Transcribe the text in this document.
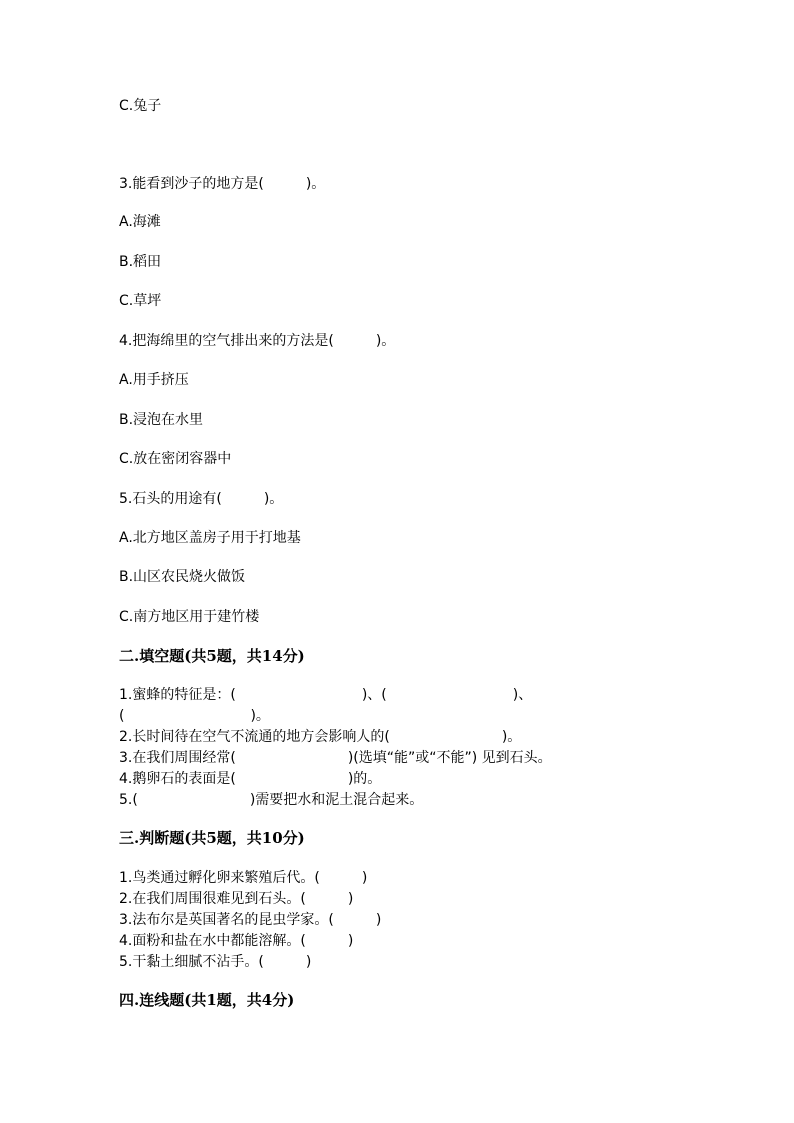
C.兔子
3.能看到沙子的地方是(　　　)。
A.海滩
B.稻田
C.草坪
4.把海绵里的空气排出来的方法是(　　　)。
A.用手挤压
B.浸泡在水里
C.放在密闭容器中
5.石头的用途有(　　　)。
A.北方地区盖房子用于打地基
B.山区农民烧火做饭
C.南方地区用于建竹楼
二.填空题(共5题，共14分)
1.蜜蜂的特征是：(　　　　　　　　　)、(　　　　　　　　　)、
(　　　　　　　　　)。
2.长时间待在空气不流通的地方会影响人的(　　　　　　　　)。
3.在我们周围经常(　　　　　　　　)(选填“能”或“不能”) 见到石头。
4.鹅卵石的表面是(　　　　　　　　)的。
5.(　　　　　　　　)需要把水和泥土混合起来。
三.判断题(共5题，共10分)
1.鸟类通过孵化卵来繁殖后代。(　　　)
2.在我们周围很难见到石头。(　　　)
3.法布尔是英国著名的昆虫学家。(　　　)
4.面粉和盐在水中都能溶解。(　　　)
5.干黏土细腻不沾手。(　　　)
四.连线题(共1题，共4分)
